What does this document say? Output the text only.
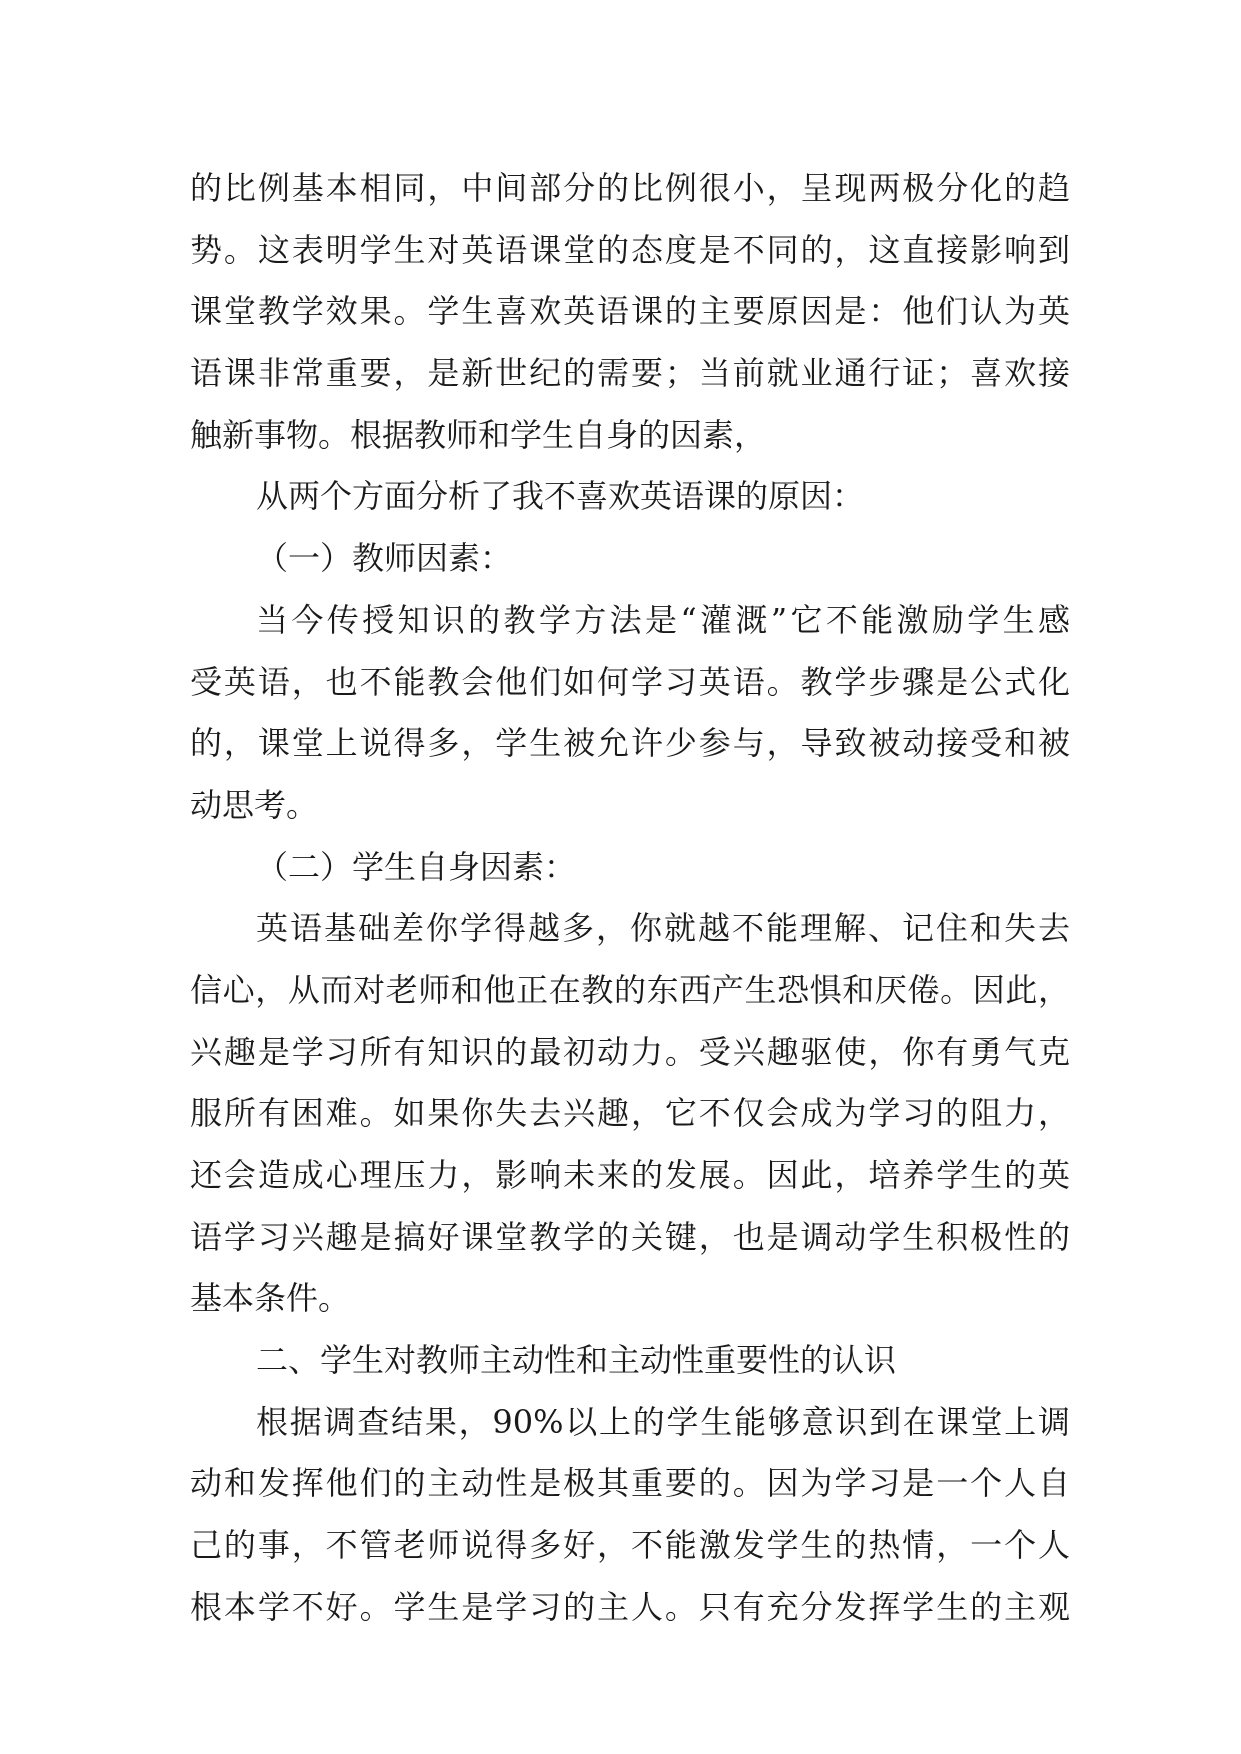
的比例基本相同，中间部分的比例很小，呈现两极分化的趋
势。这表明学生对英语课堂的态度是不同的，这直接影响到
课堂教学效果。学生喜欢英语课的主要原因是：他们认为英
语课非常重要，是新世纪的需要；当前就业通行证；喜欢接
触新事物。根据教师和学生自身的因素，
从两个方面分析了我不喜欢英语课的原因：
（一）教师因素：
当今传授知识的教学方法是“灌溉”它不能激励学生感
受英语，也不能教会他们如何学习英语。教学步骤是公式化
的，课堂上说得多，学生被允许少参与，导致被动接受和被
动思考。
（二）学生自身因素：
英语基础差你学得越多，你就越不能理解、记住和失去
信心，从而对老师和他正在教的东西产生恐惧和厌倦。因此，
兴趣是学习所有知识的最初动力。受兴趣驱使，你有勇气克
服所有困难。如果你失去兴趣，它不仅会成为学习的阻力，
还会造成心理压力，影响未来的发展。因此，培养学生的英
语学习兴趣是搞好课堂教学的关键，也是调动学生积极性的
基本条件。
二、学生对教师主动性和主动性重要性的认识
根据调查结果，90%以上的学生能够意识到在课堂上调
动和发挥他们的主动性是极其重要的。因为学习是一个人自
己的事，不管老师说得多好，不能激发学生的热情，一个人
根本学不好。学生是学习的主人。只有充分发挥学生的主观
